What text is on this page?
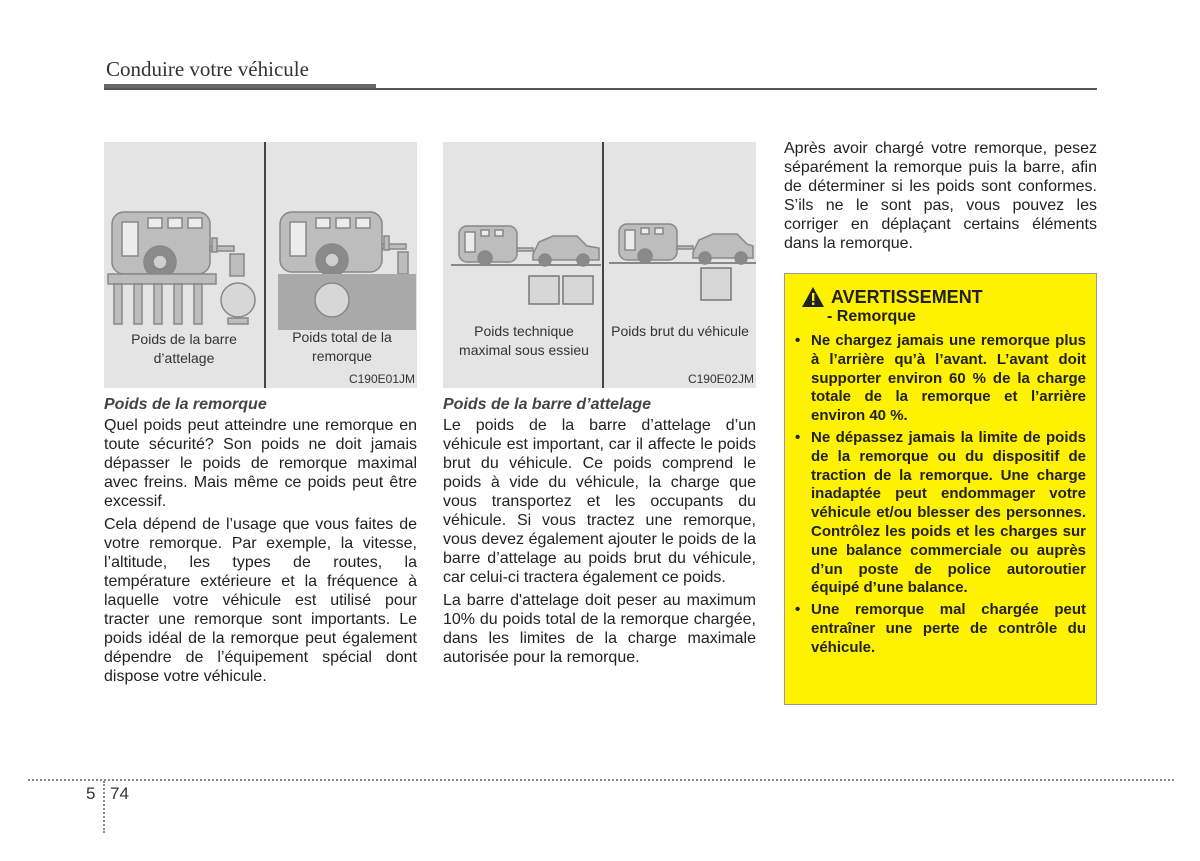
Conduire votre véhicule
Poids de la barre d’attelage
Poids total de la remorque
C190E01JM
Poids technique maximal sous essieu
Poids brut du véhicule
C190E02JM
Poids de la remorque

Quel poids peut atteindre une remorque en toute sécurité? Son poids ne doit jamais dépasser le poids de remorque maximal avec freins. Mais même ce poids peut être excessif.

Cela dépend de l’usage que vous faites de votre remorque. Par exemple, la vitesse, l’altitude, les types de routes, la température extérieure et la fréquence à laquelle votre véhicule est utilisé pour tracter une remorque sont importants. Le poids idéal de la remorque peut également dépendre de l’équipement spécial dont dispose votre véhicule.

Poids de la barre d’attelage

Le poids de la barre d’attelage d’un véhicule est important, car il affecte le poids brut du véhicule. Ce poids comprend le poids à vide du véhicule, la charge que vous transportez et les occupants du véhicule. Si vous tractez une remorque, vous devez également ajouter le poids de la barre d’attelage au poids brut du véhicule, car celui-ci tractera également ce poids.

La barre d'attelage doit peser au maximum 10% du poids total de la remorque chargée, dans les limites de la charge maximale autorisée pour la remorque.

Après avoir chargé votre remorque, pesez séparément la remorque puis la barre, afin de déterminer si les poids sont conformes. S’ils ne le sont pas, vous pouvez les corriger en déplaçant certains éléments dans la remorque.

AVERTISSEMENT
- Remorque
• Ne chargez jamais une remorque plus à l’arrière qu’à l’avant. L’avant doit supporter environ 60 % de la charge totale de la remorque et l’arrière environ 40 %.
• Ne dépassez jamais la limite de poids de la remorque ou du dispositif de traction de la remorque. Une charge inadaptée peut endommager votre véhicule et/ou blesser des personnes. Contrôlez les poids et les charges sur une balance commerciale ou auprès d’un poste de police autoroutier équipé d’une balance.
• Une remorque mal chargée peut entraîner une perte de contrôle du véhicule.
5 74
